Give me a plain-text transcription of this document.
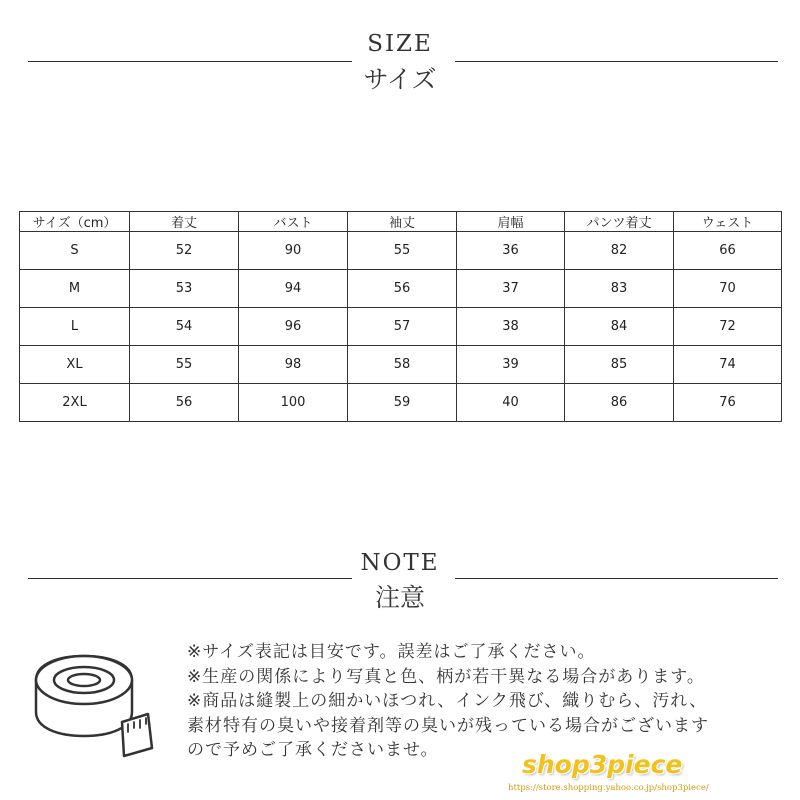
SIZE
サイズ
サイズ（cm）	着丈	バスト	袖丈	肩幅	パンツ着丈	ウェスト
S	52	90	55	36	82	66
M	53	94	56	37	83	70
L	54	96	57	38	84	72
XL	55	98	58	39	85	74
2XL	56	100	59	40	86	76
NOTE
注意
※サイズ表記は目安です。誤差はご了承ください。
※生産の関係により写真と色、柄が若干異なる場合があります。
※商品は縫製上の細かいほつれ、インク飛び、織りむら、汚れ、
素材特有の臭いや接着剤等の臭いが残っている場合がございます
ので予めご了承くださいませ。	shop3piece
https://store.shopping.yahoo.co.jp/shop3piece/
